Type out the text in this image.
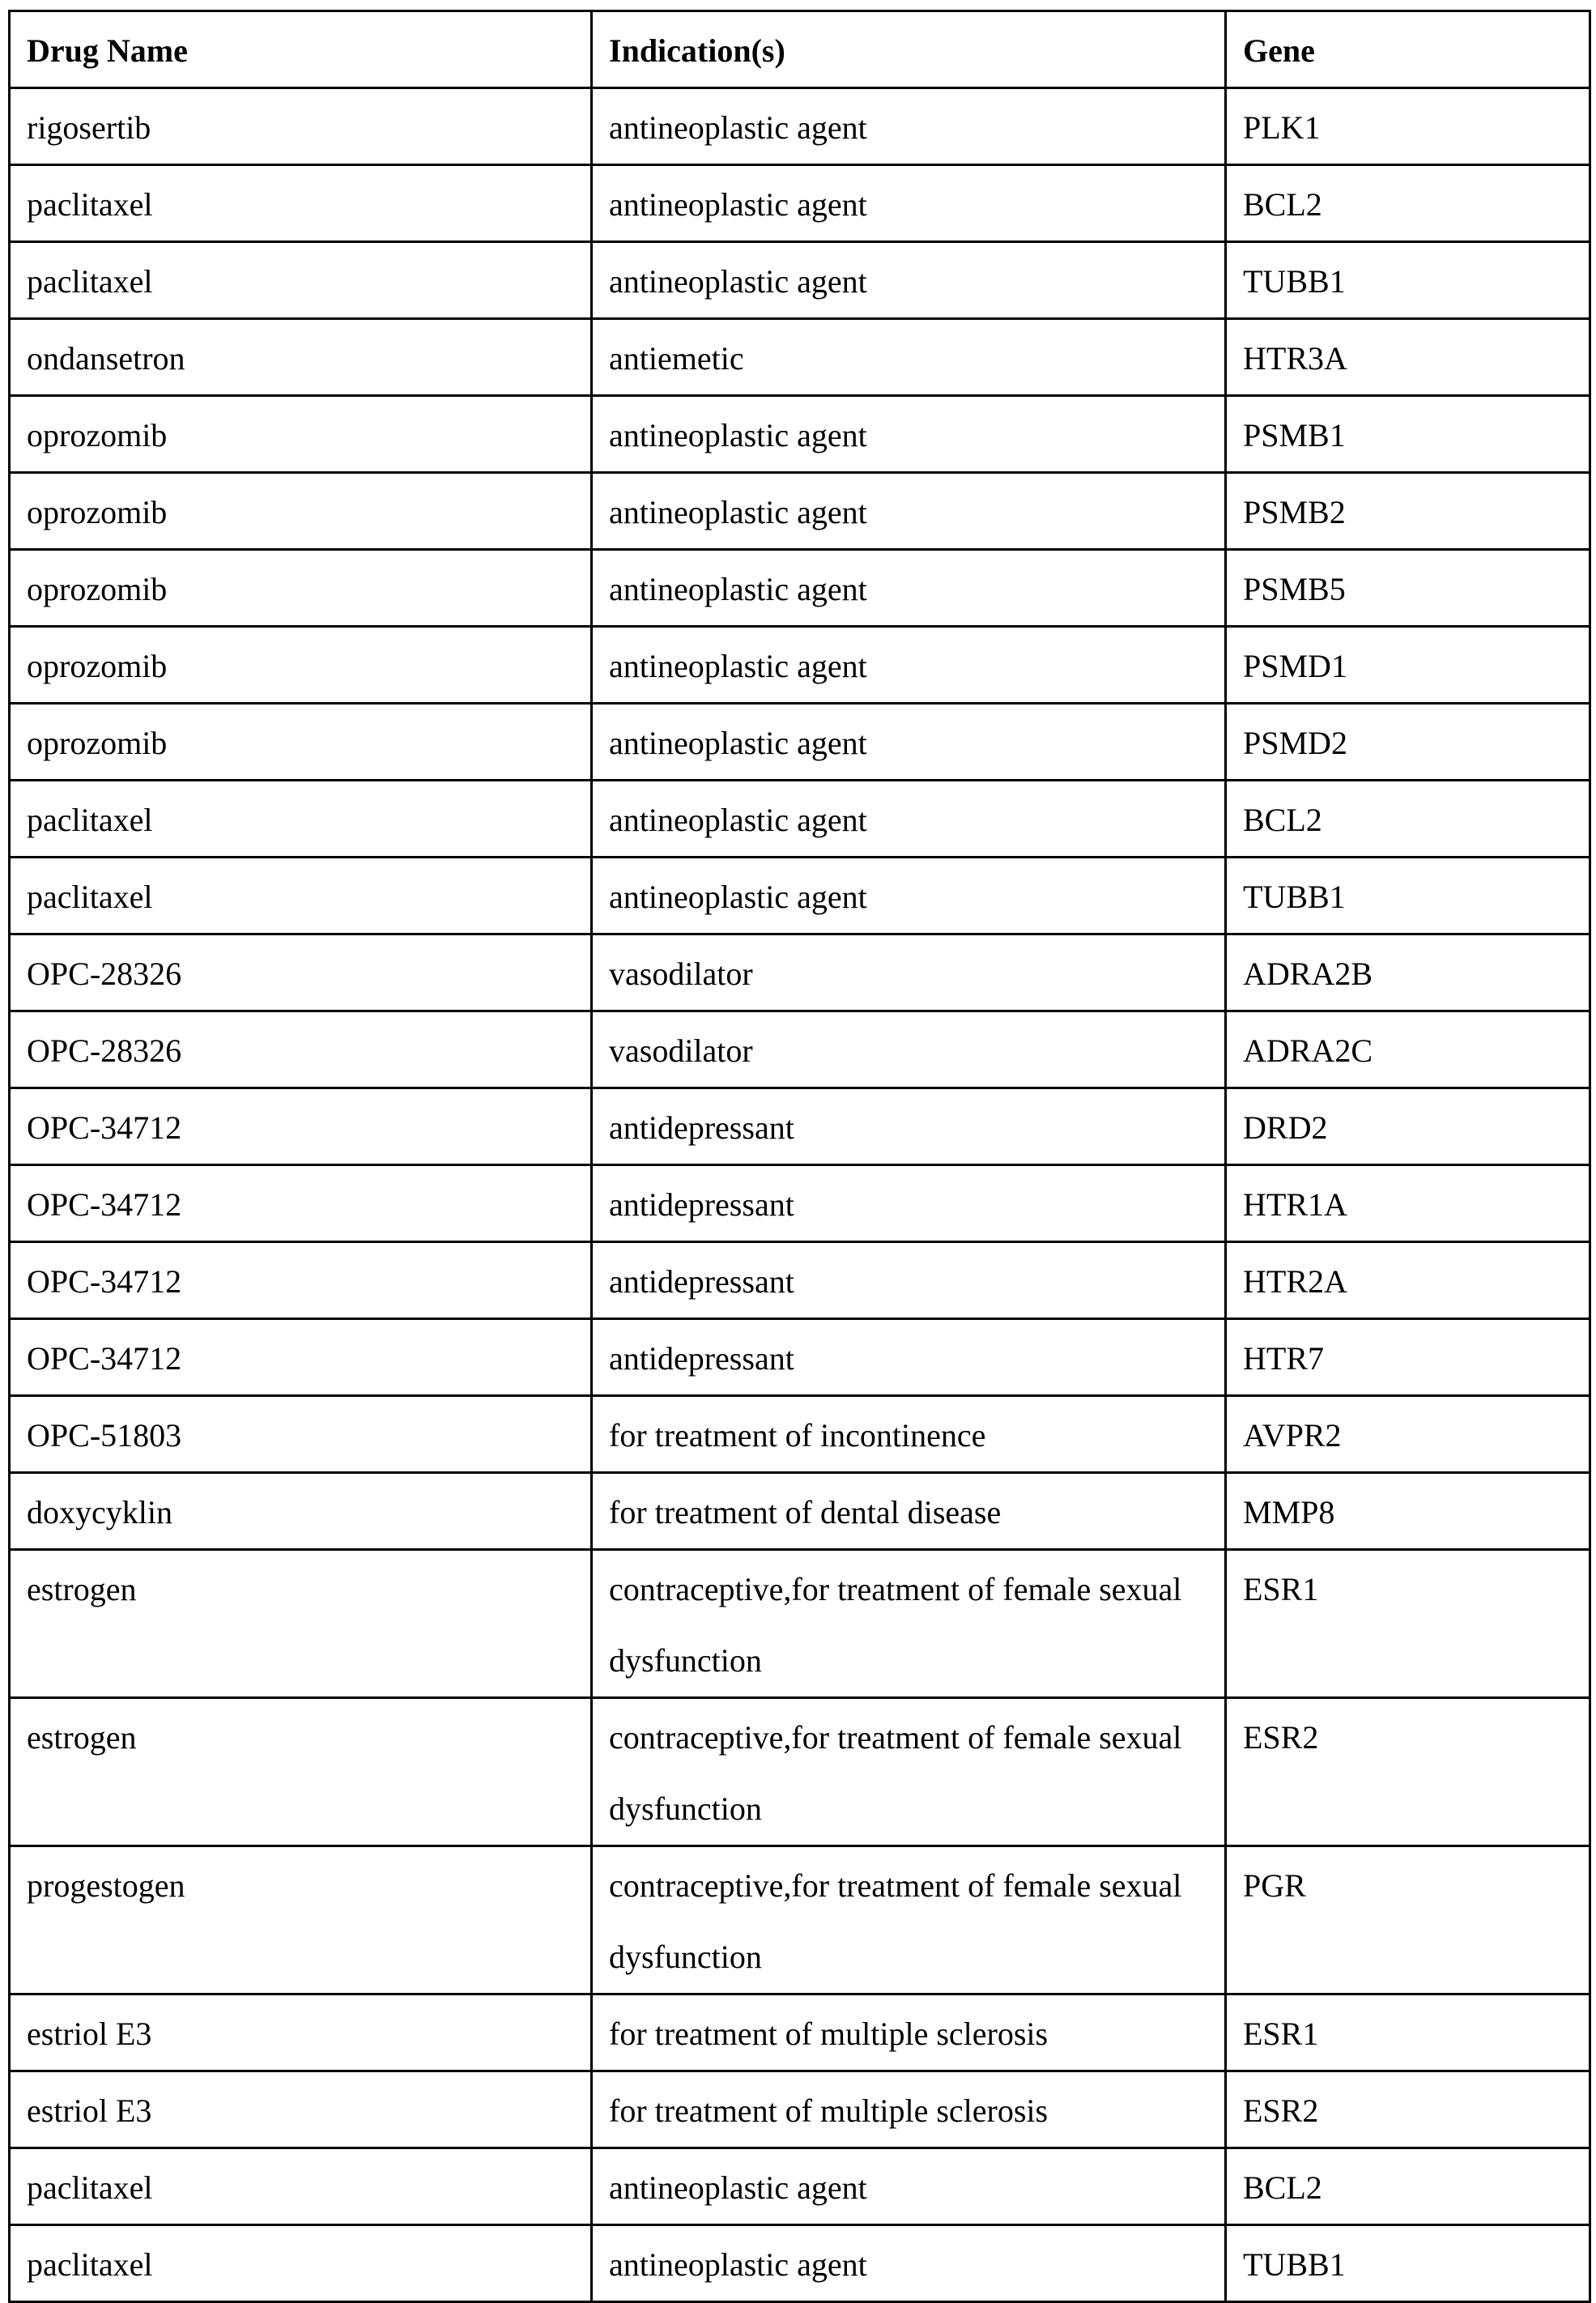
Drug Name	Indication(s)	Gene
rigosertib	antineoplastic agent	PLK1
paclitaxel	antineoplastic agent	BCL2
paclitaxel	antineoplastic agent	TUBB1
ondansetron	antiemetic	HTR3A
oprozomib	antineoplastic agent	PSMB1
oprozomib	antineoplastic agent	PSMB2
oprozomib	antineoplastic agent	PSMB5
oprozomib	antineoplastic agent	PSMD1
oprozomib	antineoplastic agent	PSMD2
paclitaxel	antineoplastic agent	BCL2
paclitaxel	antineoplastic agent	TUBB1
OPC-28326	vasodilator	ADRA2B
OPC-28326	vasodilator	ADRA2C
OPC-34712	antidepressant	DRD2
OPC-34712	antidepressant	HTR1A
OPC-34712	antidepressant	HTR2A
OPC-34712	antidepressant	HTR7
OPC-51803	for treatment of incontinence	AVPR2
doxycyklin	for treatment of dental disease	MMP8
estrogen	contraceptive,for treatment of female sexual dysfunction	ESR1
estrogen	contraceptive,for treatment of female sexual dysfunction	ESR2
progestogen	contraceptive,for treatment of female sexual dysfunction	PGR
estriol E3	for treatment of multiple sclerosis	ESR1
estriol E3	for treatment of multiple sclerosis	ESR2
paclitaxel	antineoplastic agent	BCL2
paclitaxel	antineoplastic agent	TUBB1
